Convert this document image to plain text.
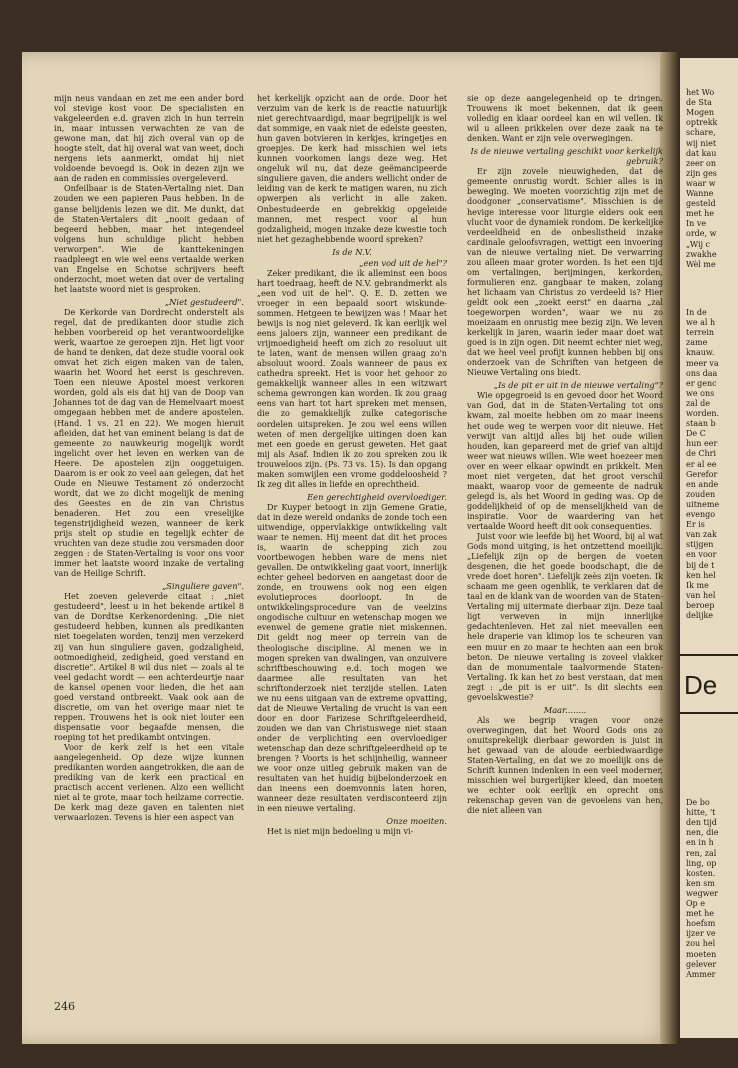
mijn neus vandaan en zet me een ander bord vol stevige kost voor. De specialisten en vakgeleerden e.d. graven zich in hun terrein in, maar intussen verwachten ze van de gewone man, dat hij zich overal van op de hoogte stelt, dat hij overal wat van weet, doch nergens iets aanmerkt, omdat hij niet voldoende bevoegd is. Ook in dezen zijn we aan de raden en commissies overgeleverd.

Onfeilbaar is de Staten-Vertaling niet. Dan zouden we een papieren Paus hebben. In de ganse belijdenis lezen we dit. Me dunkt, dat de Staten-Vertalers dit „nooit gedaan of begeerd hebben, maar het integendeel volgens hun schuldige plicht hebben verworpen". Wie de kanttekeningen raadpleegt en wie wel eens vertaalde werken van Engelse en Schotse schrijvers heeft onderzocht, moet weten dat over de vertaling het laatste woord niet is gesproken.

„Niet gestudeerd".

De Kerkorde van Dordrecht onderstelt als regel, dat de predikanten door studie zich hebben voorbereid op het verantwoordelijke werk, waartoe ze geroepen zijn. Het ligt voor de hand te denken, dat deze studie vooral ook omvat het zich eigen maken van de talen, waarin het Woord het eerst is geschreven. Toen een nieuwe Apostel moest verkoren worden, gold als eis dat hij van de Doop van Johannes tot de dag van de Hemelvaart moest omgegaan hebben met de andere apostelen. (Hand. 1 vs. 21 en 22). We mogen hieruit afleiden, dat het van eminent belang is dat de gemeente zo nauwkeurig mogelijk wordt ingelicht over het leven en werken van de Heere. De apostelen zijn ooggetuigen. Daarom is er ook zo veel aan gelegen, dat het Oude en Nieuwe Testament zó onderzocht wordt, dat we zo dicht mogelijk de mening des Geestes en de zin van Christus benaderen. Het zou een vreselijke tegenstrijdigheid wezen, wanneer de kerk prijs stelt op studie en tegelijk echter de vruchten van deze studie zou versmaden door zeggen : de Staten-Vertaling is voor ons voor immer het laatste woord inzake de vertaling van de Heilige Schrift.

„Singuliere gaven".

Het zoeven geleverde citaat : „niet gestudeerd", leest u in het bekende artikel 8 van de Dordtse Kerkenordening. „Die niet gestudeerd hebben, kunnen als predikanten niet toegelaten worden, tenzij men verzekerd zij van hun singuliere gaven, godzaligheid, ootmoedigheid, zedigheid, goed verstand en discretie". Artikel 8 wil dus niet — zoals al te veel gedacht wordt — een achterdeurtje naar de kansel openen voor lieden, die het aan goed verstand ontbreekt. Vaak ook aan de discretie, om van het overige maar niet te reppen. Trouwens het is ook niet louter een dispensatie voor begaafde mensen, die roeping tot het predikambt ontvingen.

Voor de kerk zelf is het een vitale aangelegenheid. Op deze wijze kunnen predikanten worden aangetrokken, die aan de prediking van de kerk een practical en practisch accent verlenen. Alzo een wellicht niet al te grote, maar toch heilzame correctie. De kerk mag deze gaven en talenten niet verwaarlozen. Tevens is hier een aspect van

het kerkelijk opzicht aan de orde. Door het verzuim van de kerk is de reactie natuurlijk niet gerechtvaardigd, maar begrijpelijk is wel dat sommige, en vaak niet de edelste geesten, hun gaven botvieren in kerkjes, kringetjes en groepjes. De kerk had misschien wel iets kunnen voorkomen langs deze weg. Het ongeluk wil nu, dat deze geëmancipeerde singuliere gaven, die anders wellicht onder de leiding van de kerk te matigen waren, nu zich opwerpen als verlicht in alle zaken. Onbestudeerde en gebrekkig opgeleide mannen, met respect voor al hun godzaligheid, mogen inzake deze kwestie toch niet het gezaghebbende woord spreken?

Is de N.V.
„een vod uit de hel"?

Zeker predikant, die ik alleminst een boos hart toedraag, heeft de N.V. gebrandmerkt als „een vod uit de hel". Q. E. D. zetten we vroeger in een bepaald soort wiskunde-sommen. Hetgeen te bewijzen was ! Maar het bewijs is nog niet geleverd. Ik kan eerlijk wel eens jaloers zijn, wanneer een predikant de vrijmoedigheid heeft om zich zo resoluut uit te laten, want de mensen willen graag zo'n absoluut woord. Zoals wanneer de paus ex cathedra spreekt. Het is voor het gehoor zo gemakkelijk wanneer alles in een witzwart schema gewrongen kan worden. Ik zou graag eens van hart tot hart spreken met mensen, die zo gemakkelijk zulke categorische oordelen uitspreken. Je zou wel eens willen weten of men dergelijke uitingen doen kan met een goede en gerust geweten. Het gaat mij als Asaf. Indien ik zo zou spreken zou ik trouweloos zijn. (Ps. 73 vs. 15). Is dan opgang maken somwijlen een vrome goddeloosheid ? Ik zeg dit alles in liefde en oprechtheid.

Een gerechtigheid overvloediger.

Dr Kuyper betoogt in zijn Gemene Gratie, dat in deze wereld ondanks de zonde toch een uitwendige, oppervlakkige ontwikkeling valt waar te nemen. Hij meent dat dit het proces is, waarin de schepping zich zou voortbewogen hebben ware de mens niet gevallen. De ontwikkeling gaat voort, innerlijk echter geheel bedorven en aangetast door de zonde, en trouwens ook nog een eigen evolutieproces doorloopt. In de ontwikkelingsprocedure van de veelzins ongodische cultuur en wetenschap mogen we evenwel de gemene gratie niet miskennen. Dit geldt nog meer op terrein van de theologische discipline. Al menen we in mogen spreken van dwalingen, van onzuivere schriftbeschouwing e.d. toch mogen we daarmee alle resultaten van het schriftonderzoek niet terzijde stellen. Laten we nu eens uitgaan van de extreme opvatting, dat de Nieuwe Vertaling de vrucht is van een door en door Farizese Schriftgeleerdheid, zouden we dan van Christuswege niet staan onder de verplichting een overvloediger wetenschap dan deze schriftgeleerdheid op te brengen ? Voorts is het schijnheilig, wanneer we voor onze uitleg gebruik maken van de resultaten van het huidig bijbelonderzoek en dan ineens een doemvonnis laten horen, wanneer deze resultaten verdisconteerd zijn in een nieuwe vertaling.

Onze moeiten.

Het is niet mijn bedoeling u mijn vi-

sie op deze aangelegenheid op te dringen. Trouwens ik moet bekennen, dat ik geen volledig en klaar oordeel kan en wil vellen. Ik wil u alleen prikkelen over deze zaak na te denken. Want er zijn vele overwegingen.

Is de nieuwe vertaling geschikt voor kerkelijk gebruik?

Er zijn zovele nieuwigheden, dat de gemeente onrustig wordt. Schier alles is in beweging. We moeten voorzichtig zijn met de doodgoner „conservatisme". Misschien is de hevige interesse voor liturgie elders ook een vlucht voor de dynamiek rondom. De kerkelijke verdeeldheid en de onbeslistheid inzake cardinale geloofsvragen, wettigt een invoering van de nieuwe vertaling niet. De verwarring zou alleen maar groter worden. Is het een tijd om vertalingen, berijmingen, kerkorden, formulieren enz. gangbaar te maken, zolang het lichaam van Christus zo verdeeld is? Hier geldt ook een „zoekt eerst" en daarna „zal toegeworpen worden", waar we nu zo moeizaam en onrustig mee bezig zijn. We leven kerkelijk in jaren, waarin ieder maar doet wat goed is in zijn ogen. Dit neemt echter niet weg, dat we heel veel profijt kunnen hebben bij ons onderzoek van de Schriften van hetgeen de Nieuwe Vertaling ons biedt.

„Is de pit er uit in de nieuwe vertaling"?

Wie opgegroeid is en gevoed door het Woord van God, dat in de Staten-Vertaling tot ons kwam, zal moeite hebben om zo maar ineens het oude weg te werpen voor dit nieuwe. Het verwijt van altijd alles bij het oude willen houden, kan gepareerd met de grief van altijd weer wat nieuws willen. Wie weet hoezeer men over en weer elkaar opwindt en prikkelt. Men moet niet vergeten, dat het groot verschil maakt, waarop voor de gemeente de nadruk gelegd is, als het Woord in geding was. Op de goddelijkheid of op de menselijkheid van de inspiratie. Voor de waardering van het vertaalde Woord heeft dit ook consequenties.

Juist voor wie leefde bij het Woord, bij al wat Gods mond uitging, is het ontzettend moeilijk. „Liefelijk zijn op de bergen de voeten desgenen, die het goede boodschapt, die de vrede doet horen". Liefelijk zeès zijn voeten. Ik schaam me geen ogenblik, te verklaren dat de taal en de klank van de woorden van de Staten-Vertaling mij uitermate dierbaar zijn. Deze taal ligt verweven in mijn innerlijke gedachtenleven. Het zal niet meevallen een hele draperie van klimop los te scheuren van een muur en zo maar te hechten aan een brok beton. De nieuwe vertaling is zoveel vlakker dan de monumentale taalvormende Staten-Vertaling. Ik kan het zo best verstaan, dat men zegt : „de pit is er uit". Is dit slechts een gevoelskwestie?

Maar........

Als we begrip vragen voor onze overwegingen, dat het Woord Gods ons zo onuitsprekelijk dierbaar geworden is juist in het gewaad van de aloude eerbiedwaardige Staten-Vertaling, en dat we zo moeilijk ons de Schrift kunnen indenken in een veel moderner, misschien wel burgerlijker kleed, dan moeten we echter ook eerlijk en oprecht ons rekenschap geven van de gevoelens van hen, die niet alleen van

246
het Wo
de Sta
Mogen
optrekk
schare,
wij niet
dat kau
zeer on
zijn ges
waar w
Wanne
gesteld
met he
In ve
orde, w
„Wij c
zwakhe
Wèl me
In de
we al h
terrein
zame
knauw.
meer va
ons daa
er genc
we ons
zal de
worden.
staan b
De C
hun eer
de Chri
er al ee
Gerefor
en ande
zouden
uitneme
evengo
Er is
van zak
stijgen
en voor
bij de t
ken hel
Ik me
van hel
beroep
delijke
De
De bo
hitte, 't
den tijd
nen, die
en in h
ren, zal
ling, op
kosten.
ken sm
wegwer
Op e
met he
hoefsm
ijzer ve
zou hel
moeten
gelever
Ammer
